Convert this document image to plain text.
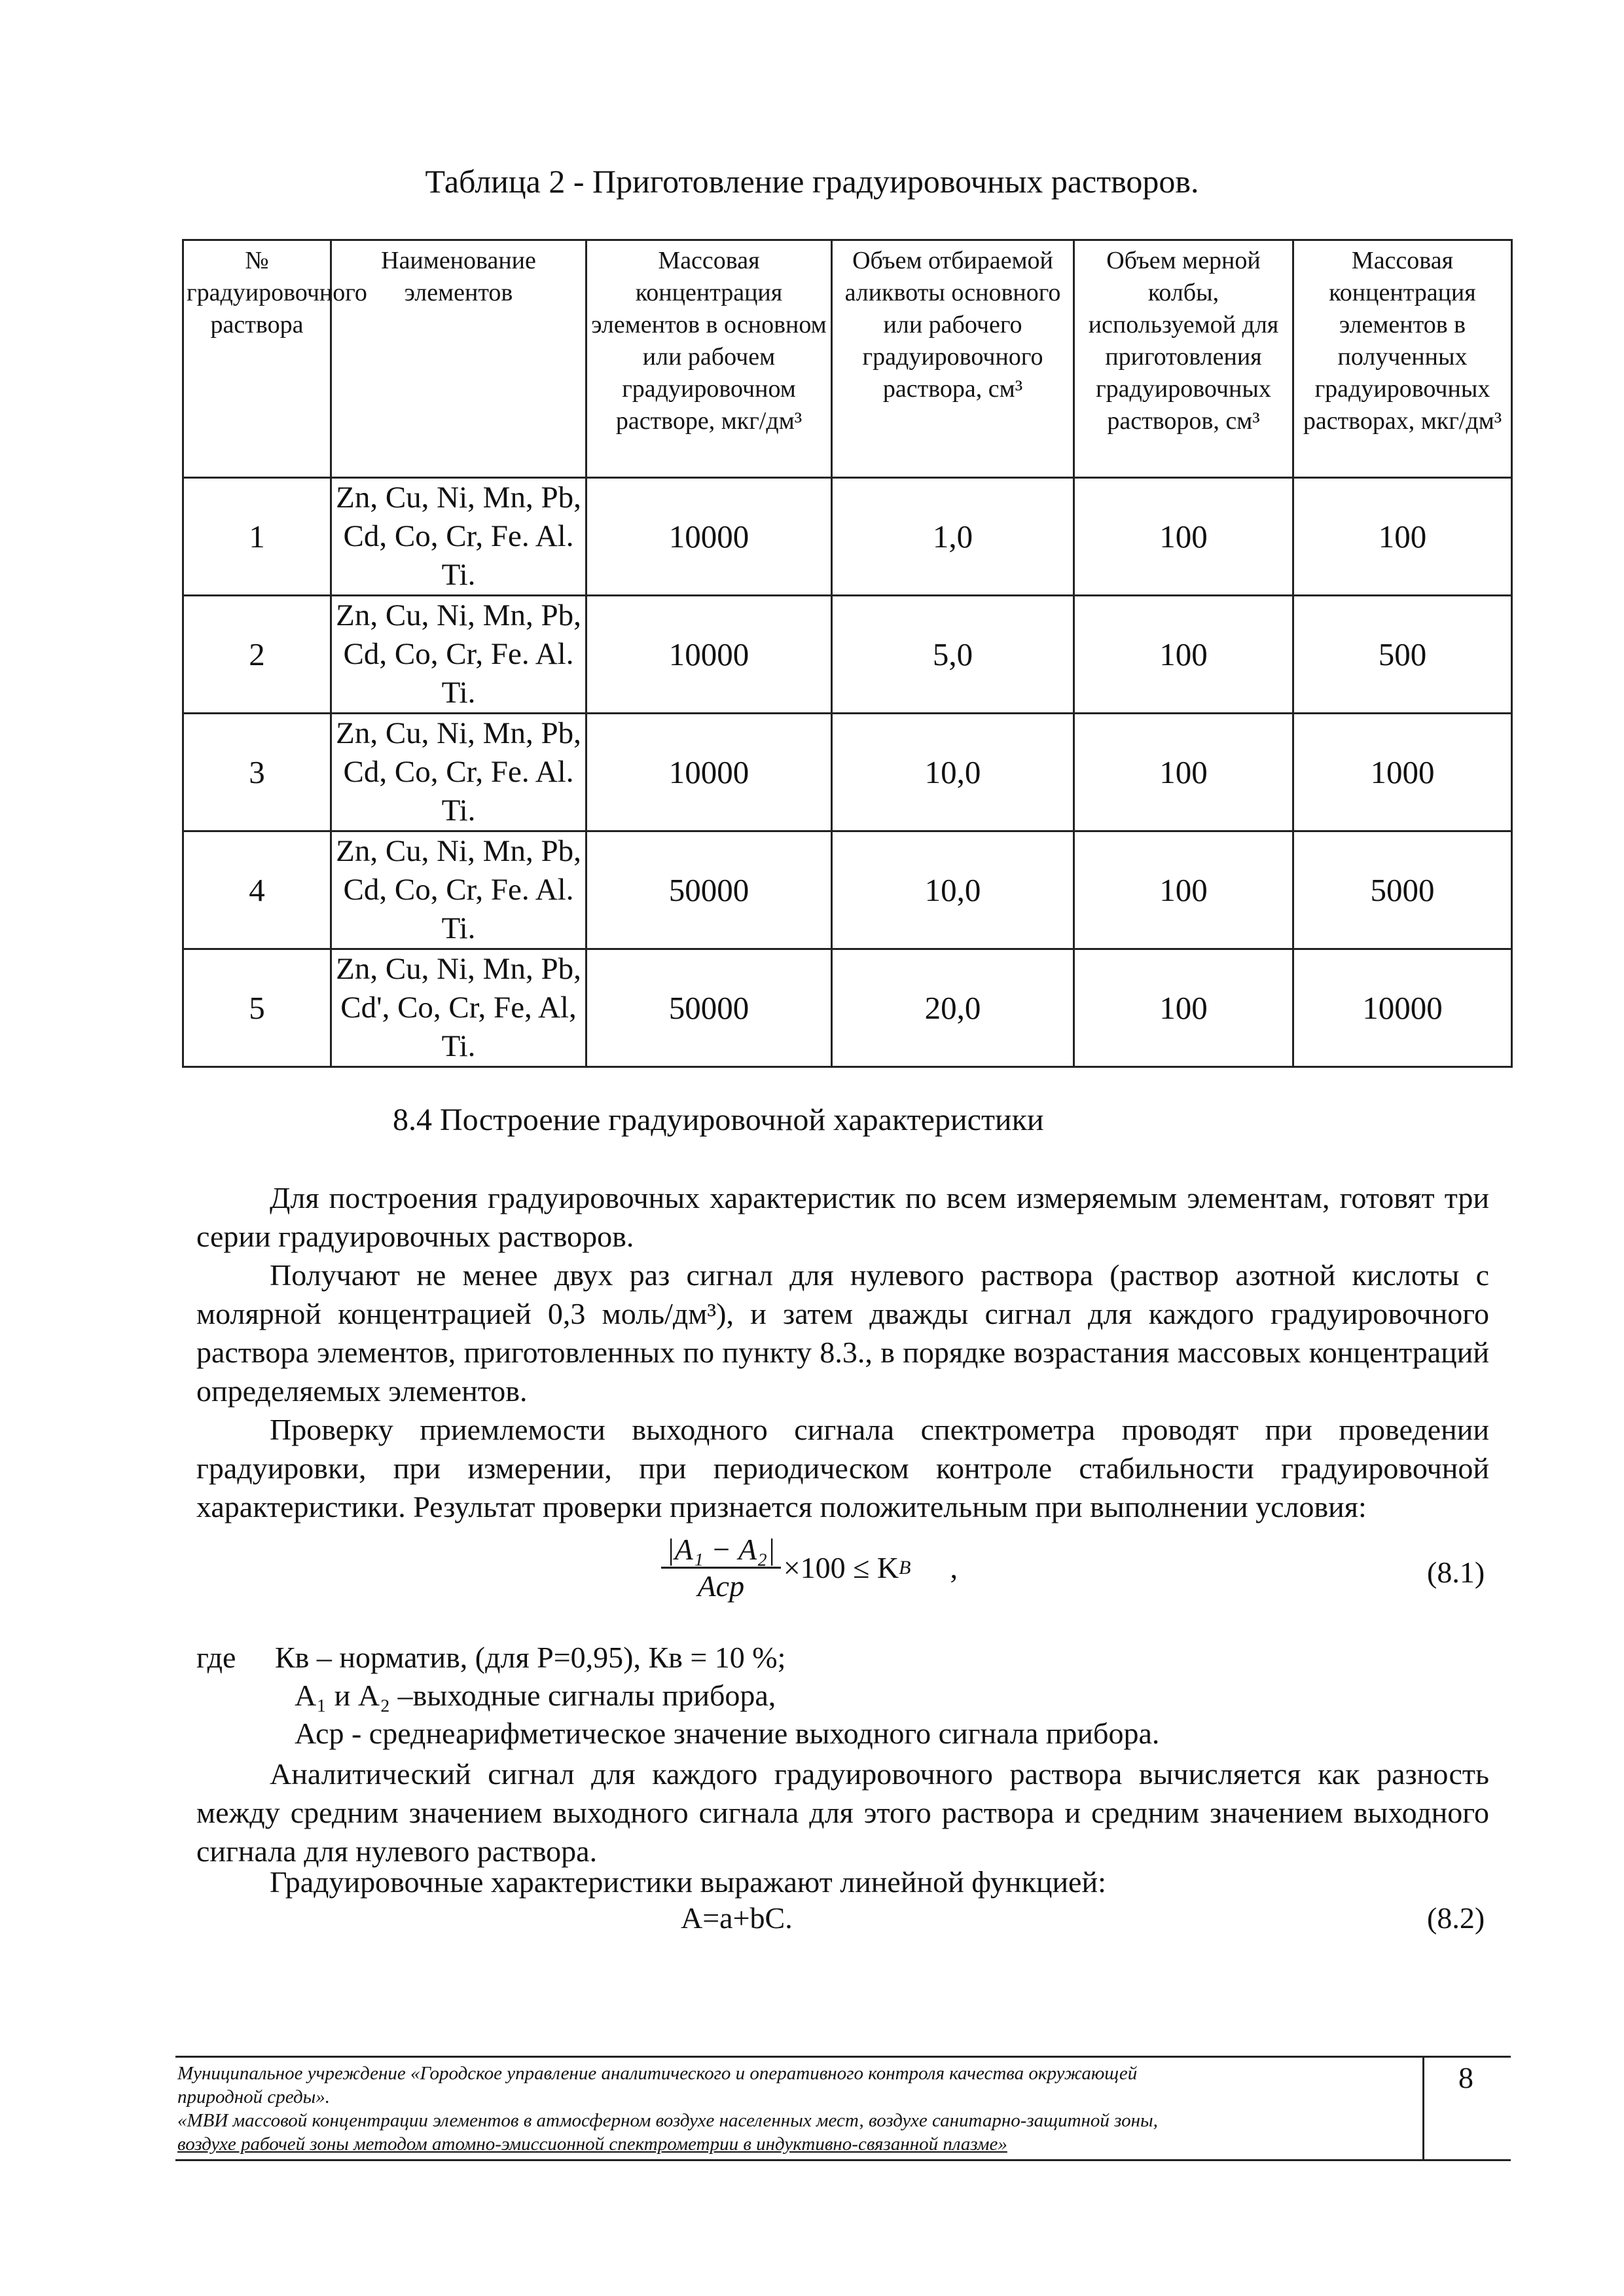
Таблица 2 - Приготовление градуировочных растворов.
№ градуировочного раствора	Наименование элементов	Массовая концентрация элементов в основном или рабочем градуировочном растворе, мкг/дм³	Объем отбираемой аликвоты основного или рабочего градуировочного раствора, см³	Объем мерной колбы, используемой для приготовления градуировочных растворов, см³	Массовая концентрация элементов в полученных градуировочных растворах, мкг/дм³
1	Zn, Cu, Ni, Mn, Pb, Cd, Co, Cr, Fe. Al. Ti.	10000	1,0	100	100
2	Zn, Cu, Ni, Mn, Pb, Cd, Co, Cr, Fe. Al. Ti.	10000	5,0	100	500
3	Zn, Cu, Ni, Mn, Pb, Cd, Co, Cr, Fe. Al. Ti.	10000	10,0	100	1000
4	Zn, Cu, Ni, Mn, Pb, Cd, Co, Cr, Fe. Al. Ti.	50000	10,0	100	5000
5	Zn, Cu, Ni, Mn, Pb, Cd', Co, Cr, Fe, Al, Ti.	50000	20,0	100	10000
8.4 Построение градуировочной характеристики
Для построения градуировочных характеристик по всем измеряемым элементам, готовят три серии градуировочных растворов.
Получают не менее двух раз сигнал для нулевого раствора (раствор азотной кислоты с молярной концентрацией 0,3 моль/дм³), и затем дважды сигнал для каждого градуировочного раствора элементов, приготовленных по пункту 8.3., в порядке возрастания массовых концентраций определяемых элементов.
Проверку приемлемости выходного сигнала спектрометра проводят при проведении градуировки, при измерении, при периодическом контроле стабильности градуировочной характеристики. Результат проверки признается положительным при выполнении условия:
|A₁ − A₂|
Aср
×100 ≤ K B ,	(8.1)
где Кв – норматив, (для Р=0,95), Кв = 10 %;
А₁ и А₂ –выходные сигналы прибора,
Аср - среднеарифметическое значение выходного сигнала прибора.
Аналитический сигнал для каждого градуировочного раствора вычисляется как разность между средним значением выходного сигнала для этого раствора и средним значением выходного сигнала для нулевого раствора.
Градуировочные характеристики выражают линейной функцией:
A=a+bC.	(8.2)
Муниципальное учреждение «Городское управление аналитического и оперативного контроля качества окружающей
природной среды».
«МВИ массовой концентрации элементов в атмосферном воздухе населенных мест, воздухе санитарно-защитной зоны,
воздухе рабочей зоны методом атомно-эмиссионной спектрометрии в индуктивно-связанной плазме»
8
